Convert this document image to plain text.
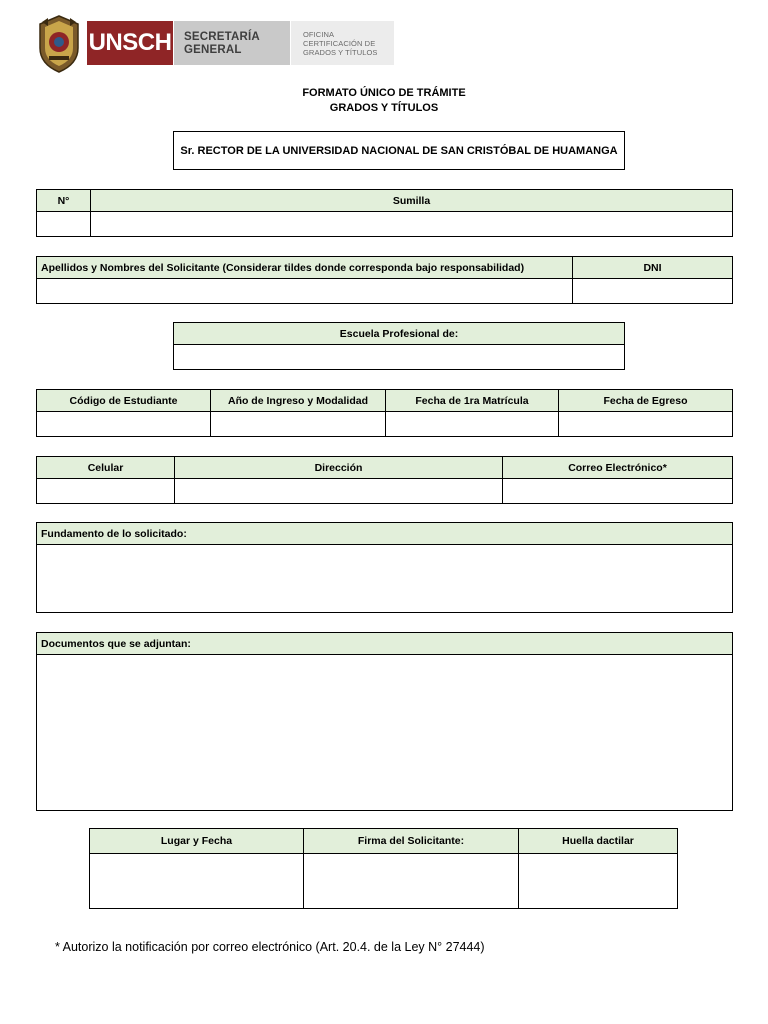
UNSCH SECRETARÍA
GENERAL
OFICINA
CERTIFICACIÓN DE
GRADOS Y TÍTULOS
FORMATO ÚNICO DE TRÁMITE
GRADOS Y TÍTULOS
Sr. RECTOR DE LA UNIVERSIDAD NACIONAL DE SAN CRISTÓBAL DE HUAMANGA
N°	Sumilla

Apellidos y Nombres del Solicitante (Considerar tildes donde corresponda bajo responsabilidad)	DNI

Escuela Profesional de:

Código de Estudiante	Año de Ingreso y Modalidad	Fecha de 1ra Matrícula	Fecha de Egreso

Celular	Dirección	Correo Electrónico*

Fundamento de lo solicitado:

Documentos que se adjuntan:

Lugar y Fecha	Firma del Solicitante:	Huella dactilar

* Autorizo la notificación por correo electrónico (Art. 20.4. de la Ley N° 27444)
